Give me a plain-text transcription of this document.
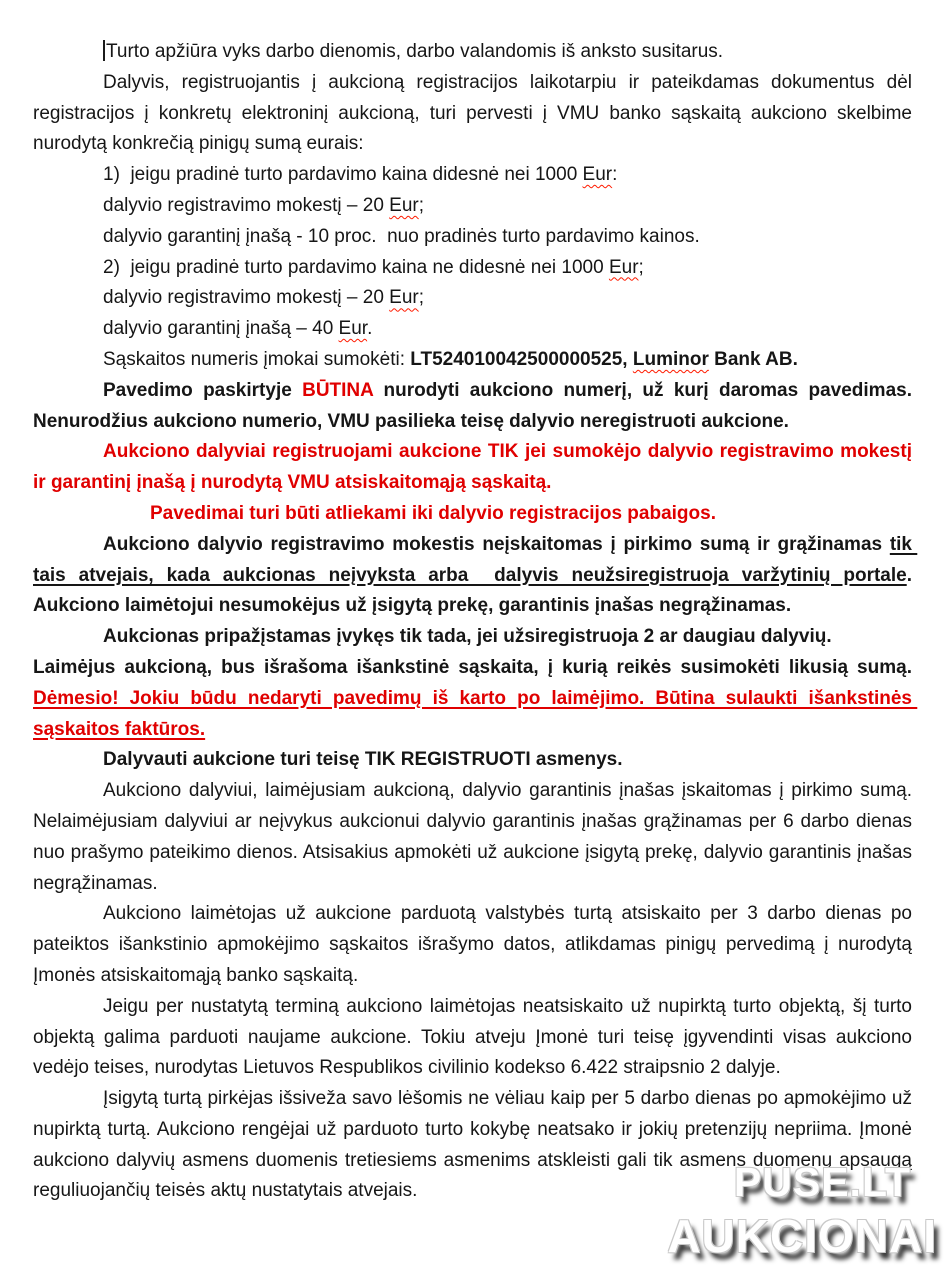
Turto apžiūra vyks darbo dienomis, darbo valandomis iš anksto susitarus.

Dalyvis, registruojantis į aukcioną registracijos laikotarpiu ir pateikdamas dokumentus dėl registracijos į konkretų elektroninį aukcioną, turi pervesti į VMU banko sąskaitą aukciono skelbime nurodytą konkrečią pinigų sumą eurais:

1)  jeigu pradinė turto pardavimo kaina didesnė nei 1000 Eur:

dalyvio registravimo mokestį – 20 Eur;

dalyvio garantinį įnašą - 10 proc.  nuo pradinės turto pardavimo kainos.

2)  jeigu pradinė turto pardavimo kaina ne didesnė nei 1000 Eur;

dalyvio registravimo mokestį – 20 Eur;

dalyvio garantinį įnašą – 40 Eur.

Sąskaitos numeris įmokai sumokėti: LT524010042500000525, Luminor Bank AB.

Pavedimo paskirtyje BŪTINA nurodyti aukciono numerį, už kurį daromas pavedimas. Nenurodžius aukciono numerio, VMU pasilieka teisę dalyvio neregistruoti aukcione.

Aukciono dalyviai registruojami aukcione TIK jei sumokėjo dalyvio registravimo mokestį ir garantinį įnašą į nurodytą VMU atsiskaitomąją sąskaitą.

Pavedimai turi būti atliekami iki dalyvio registracijos pabaigos.

Aukciono dalyvio registravimo mokestis neįskaitomas į pirkimo sumą ir grąžinamas tik tais atvejais, kada aukcionas neįvyksta arba  dalyvis neužsiregistruoja varžytinių portale. Aukciono laimėtojui nesumokėjus už įsigytą prekę, garantinis įnašas negrąžinamas.

Aukcionas pripažįstamas įvykęs tik tada, jei užsiregistruoja 2 ar daugiau dalyvių.

Laimėjus aukcioną, bus išrašoma išankstinė sąskaita, į kurią reikės susimokėti likusią sumą. Dėmesio! Jokiu būdu nedaryti pavedimų iš karto po laimėjimo. Būtina sulaukti išankstinės sąskaitos faktūros.

Dalyvauti aukcione turi teisę TIK REGISTRUOTI asmenys.

Aukciono dalyviui, laimėjusiam aukcioną, dalyvio garantinis įnašas įskaitomas į pirkimo sumą. Nelaimėjusiam dalyviui ar neįvykus aukcionui dalyvio garantinis įnašas grąžinamas per 6 darbo dienas nuo prašymo pateikimo dienos. Atsisakius apmokėti už aukcione įsigytą prekę, dalyvio garantinis įnašas negrąžinamas.

Aukciono laimėtojas už aukcione parduotą valstybės turtą atsiskaito per 3 darbo dienas po pateiktos išankstinio apmokėjimo sąskaitos išrašymo datos, atlikdamas pinigų pervedimą į nurodytą Įmonės atsiskaitomąją banko sąskaitą.

Jeigu per nustatytą terminą aukciono laimėtojas neatsiskaito už nupirktą turto objektą, šį turto objektą galima parduoti naujame aukcione. Tokiu atveju Įmonė turi teisę įgyvendinti visas aukciono vedėjo teises, nurodytas Lietuvos Respublikos civilinio kodekso 6.422 straipsnio 2 dalyje.

Įsigytą turtą pirkėjas išsiveža savo lėšomis ne vėliau kaip per 5 darbo dienas po apmokėjimo už nupirktą turtą. Aukciono rengėjai už parduoto turto kokybę neatsako ir jokių pretenzijų nepriima. Įmonė aukciono dalyvių asmens duomenis tretiesiems asmenims atskleisti gali tik asmens duomenų apsaugą reguliuojančių teisės aktų nustatytais atvejais.	PUSE.LT
AUKCIONAI
